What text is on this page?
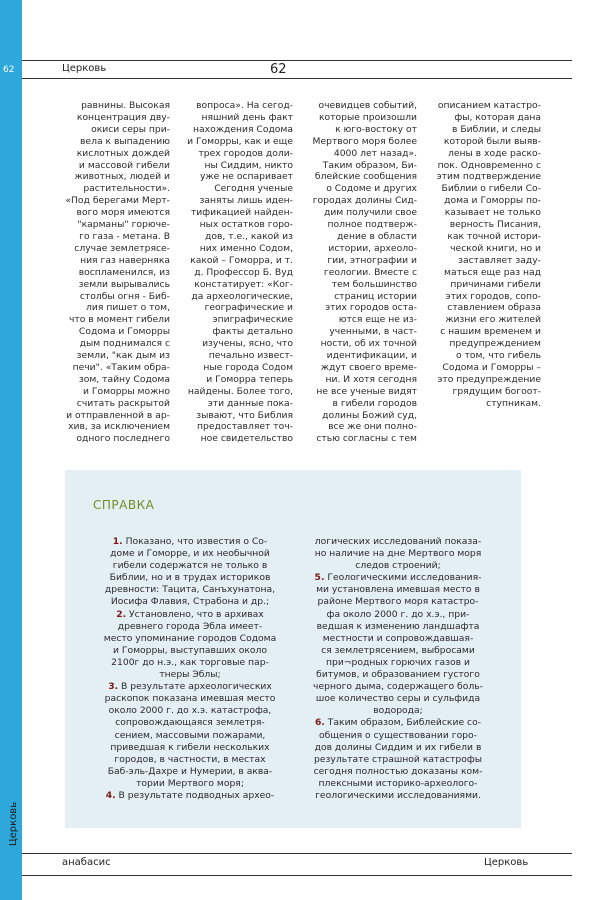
62
Церковь
Церковь	62
равнины. Высокая
концентрация дву-
окиси серы при-
вела к выпадению
кислотных дождей
и массовой гибели
животных, людей и
растительности».
«Под берегами Мерт-
вого моря имеются
"карманы" горюче-
го газа - метана. В
случае землетрясе-
ния газ наверняка
воспламенился, из
земли вырывались
столбы огня - Биб-
лия пишет о том,
что в момент гибели
Содома и Гоморры
дым поднимался с
земли, "как дым из
печи". «Таким обра-
зом, тайну Содома
и Гоморры можно
считать раскрытой
и отправленной в ар-
хив, за исключением
одного последнего
вопроса». На сегод-
няшний день факт
нахождения Содома
и Гоморры, как и еще
трех городов доли-
ны Сиддим, никто
уже не оспаривает
Сегодня ученые
заняты лишь иден-
тификацией найден-
ных остатков горо-
дов, т.е., какой из
них именно Содом,
какой – Гоморра, и т.
д. Профессор Б. Вуд
констатирует: «Ког-
да археологические,
географические и
эпиграфические
факты детально
изучены, ясно, что
печально извест-
ные города Содом
и Гоморра теперь
найдены. Более того,
эти данные пока-
зывают, что Библия
предоставляет точ-
ное свидетельство
очевидцев событий,
которые произошли
к юго-востоку от
Мертвого моря более
4000 лет назад».
Таким образом, Би-
блейские сообщения
о Содоме и других
городах долины Сид-
дим получили свое
полное подтверж-
дение в области
истории, археоло-
гии, этнографии и
геологии. Вместе с
тем большинство
страниц истории
этих городов оста-
ются еще не из-
ученными, в част-
ности, об их точной
идентификации, и
ждут своего време-
ни. И хотя сегодня
не все ученые видят
в гибели городов
долины Божий суд,
все же они полно-
стью согласны с тем
описанием катастро-
фы, которая дана
в Библии, и следы
которой были выяв-
лены в ходе раско-
пок. Одновременно с
этим подтверждение
Библии о гибели Со-
дома и Гоморры по-
казывает не только
верность Писания,
как точной истори-
ческой книги, но и
заставляет заду-
маться еще раз над
причинами гибели
этих городов, сопо-
ставлением образа
жизни его жителей
с нашим временем и
предупреждением
о том, что гибель
Содома и Гоморры –
это предупреждение
грядущим богоот-
ступникам.
СПРАВКА
1. Показано, что известия о Со-
доме и Гоморре, и их необычной
гибели содержатся не только в
Библии, но и в трудах историков
древности: Тацита, Санъхунатона,
Иосифа Флавия, Страбона и др.;
2. Установлено, что в архивах
древнего города Эбла имеет-
место упоминание городов Содома
и Гоморры, выступавших около
2100г до н.э., как торговые пар-
тнеры Эблы;
3. В результате археологических
раскопок показана имевшая место
около 2000 г. до х.э. катастрофа,
сопровождающаяся землетря-
сением, массовыми пожарами,
приведшая к гибели нескольких
городов, в частности, в местах
Баб-эль-Дахре и Нумерии, в аква-
тории Мертвого моря;
4. В результате подводных архео-
логических исследований показа-
но наличие на дне Мертвого моря
следов строений;
5. Геологическими исследования-
ми установлена имевшая место в
районе Мертвого моря катастро-
фа около 2000 г. до х.э., при-
ведшая к изменению ландшафта
местности и сопровождавшая-
ся землетрясением, выбросами
при¬родных горючих газов и
битумов, и образованием густого
черного дыма, содержащего боль-
шое количество серы и сульфида
водорода;
6. Таким образом, Библейские со-
общения о существовании горо-
дов долины Сиддим и их гибели в
результате страшной катастрофы
сегодня полностью доказаны ком-
плексными историко-археолого-
геологическими исследованиями.
анабасис	Церковь
